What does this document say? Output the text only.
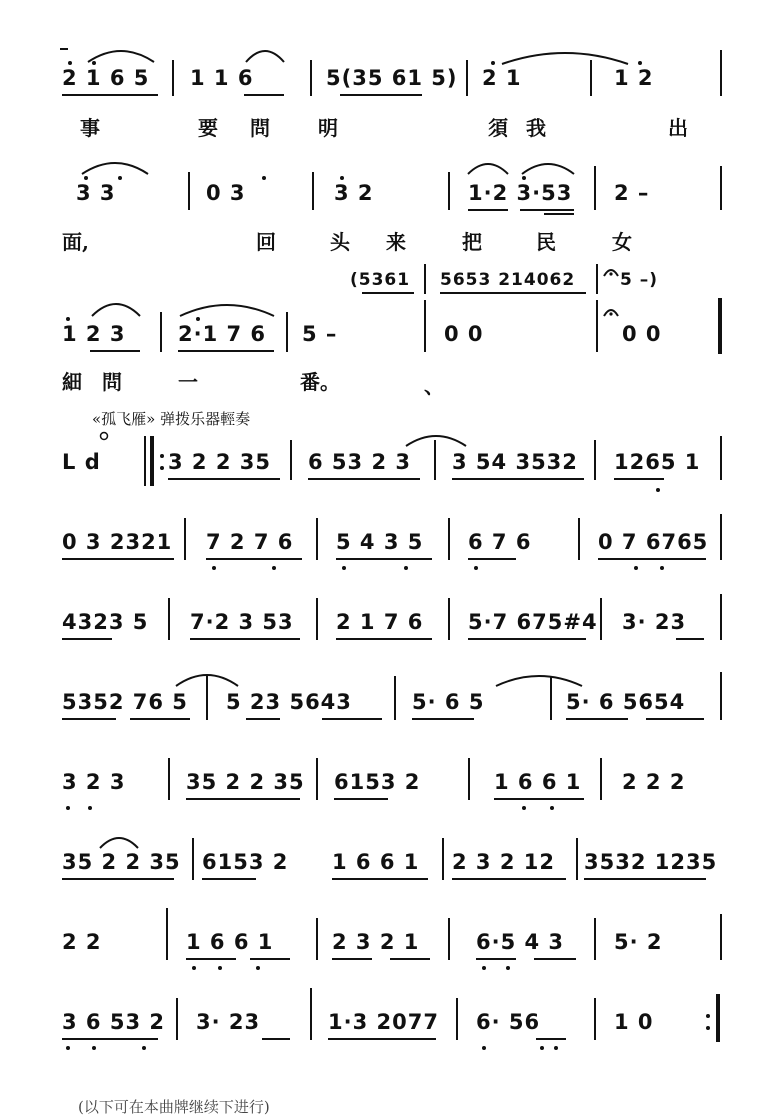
2 1 6 5 1 1 6	5(35 61 5) 2 1	1 2
事	要 問 明	須 我	出
3 3	0 3	3 2	1·2 3·53 2 –
面,	回	头 来	把	民	女
(5361 5653 214062	5 –)
1 2 3	2·1 7 6 5 –	0 0	0 0
細 問	一	番。	、
«孤飞雁» 弹拨乐器輕奏
L d	3 2 2 35 6 53 2 3 3 54 3532 1265 1
0 3 2321 7 2 7 6 5 4 3 5 6 7 6	0 7 6765
4323 5 7·2 3 53 2 1 7 6 5·7 675#4 3· 23
5352 76 5 5 23 5643	5· 6 5	5· 6 5654
3 2 3	35 2 2 35 6153 2	1 6 6 1 2 2 2
35 2 2 35 6153 2 1 6 6 1 2 3 2 12 3532 1235
2 2	1 6 6 1	2 3 2 1	6·5 4 3 5· 2
3 6 53 2 3· 23	1·3 2077 6· 56	1 0
(以下可在本曲牌继续下进行)
